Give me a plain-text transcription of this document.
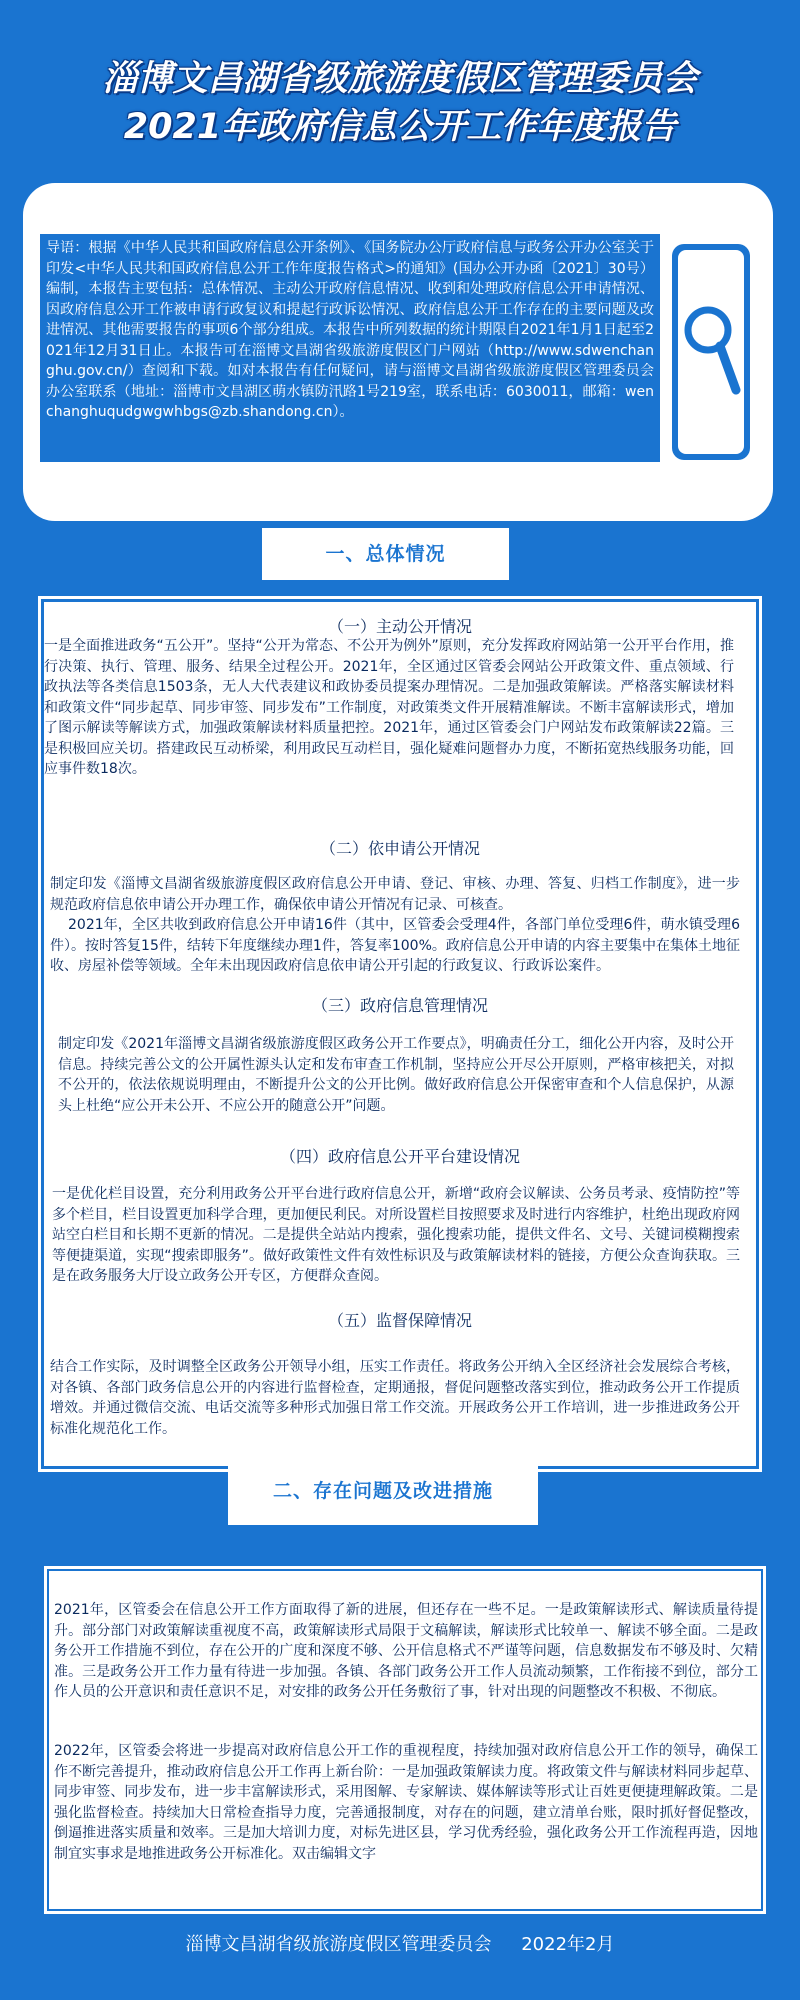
淄博文昌湖省级旅游度假区管理委员会
2021年政府信息公开工作年度报告
导语：根据《中华人民共和国政府信息公开条例》、《国务院办公厅政府信息与政务公开办公室关于印发<中华人民共和国政府信息公开工作年度报告格式>的通知》(国办公开办函〔2021〕30号）编制，本报告主要包括：总体情况、主动公开政府信息情况、收到和处理政府信息公开申请情况、因政府信息公开工作被申请行政复议和提起行政诉讼情况、政府信息公开工作存在的主要问题及改进情况、其他需要报告的事项6个部分组成。本报告中所列数据的统计期限自2021年1月1日起至2021年12月31日止。本报告可在淄博文昌湖省级旅游度假区门户网站（http://www.sdwenchanghu.gov.cn/）查阅和下载。如对本报告有任何疑问，请与淄博文昌湖省级旅游度假区管理委员会办公室联系（地址：淄博市文昌湖区萌水镇防汛路1号219室，联系电话：6030011，邮箱：wenchanghuqudgwgwhbgs@zb.shandong.cn）。
一、总体情况
（一）主动公开情况

一是全面推进政务“五公开”。坚持“公开为常态、不公开为例外”原则，充分发挥政府网站第一公开平台作用，推行决策、执行、管理、服务、结果全过程公开。2021年，全区通过区管委会网站公开政策文件、重点领域、行政执法等各类信息1503条，无人大代表建议和政协委员提案办理情况。二是加强政策解读。严格落实解读材料和政策文件“同步起草、同步审签、同步发布”工作制度，对政策类文件开展精准解读。不断丰富解读形式，增加了图示解读等解读方式，加强政策解读材料质量把控。2021年，通过区管委会门户网站发布政策解读22篇。三是积极回应关切。搭建政民互动桥梁，利用政民互动栏目，强化疑难问题督办力度，不断拓宽热线服务功能，回应事件数18次。

（二）依申请公开情况

制定印发《淄博文昌湖省级旅游度假区政府信息公开申请、登记、审核、办理、答复、归档工作制度》，进一步规范政府信息依申请公开办理工作，确保依申请公开情况有记录、可核查。

2021年，全区共收到政府信息公开申请16件（其中，区管委会受理4件，各部门单位受理6件，萌水镇受理6件）。按时答复15件，结转下年度继续办理1件，答复率100%。政府信息公开申请的内容主要集中在集体土地征收、房屋补偿等领域。全年未出现因政府信息依申请公开引起的行政复议、行政诉讼案件。

（三）政府信息管理情况

制定印发《2021年淄博文昌湖省级旅游度假区政务公开工作要点》，明确责任分工，细化公开内容，及时公开信息。持续完善公文的公开属性源头认定和发布审查工作机制，坚持应公开尽公开原则，严格审核把关，对拟不公开的，依法依规说明理由，不断提升公文的公开比例。做好政府信息公开保密审查和个人信息保护，从源头上杜绝“应公开未公开、不应公开的随意公开”问题。

（四）政府信息公开平台建设情况

一是优化栏目设置，充分利用政务公开平台进行政府信息公开，新增“政府会议解读、公务员考录、疫情防控”等多个栏目，栏目设置更加科学合理，更加便民利民。对所设置栏目按照要求及时进行内容维护，杜绝出现政府网站空白栏目和长期不更新的情况。二是提供全站站内搜索，强化搜索功能，提供文件名、文号、关键词模糊搜索等便捷渠道，实现“搜索即服务”。做好政策性文件有效性标识及与政策解读材料的链接，方便公众查询获取。三是在政务服务大厅设立政务公开专区，方便群众查阅。

（五）监督保障情况

结合工作实际，及时调整全区政务公开领导小组，压实工作责任。将政务公开纳入全区经济社会发展综合考核，对各镇、各部门政务信息公开的内容进行监督检查，定期通报，督促问题整改落实到位，推动政务公开工作提质增效。并通过微信交流、电话交流等多种形式加强日常工作交流。开展政务公开工作培训，进一步推进政务公开标准化规范化工作。

二、存在问题及改进措施

2021年，区管委会在信息公开工作方面取得了新的进展，但还存在一些不足。一是政策解读形式、解读质量待提升。部分部门对政策解读重视度不高，政策解读形式局限于文稿解读，解读形式比较单一、解读不够全面。二是政务公开工作措施不到位，存在公开的广度和深度不够、公开信息格式不严谨等问题，信息数据发布不够及时、欠精准。三是政务公开工作力量有待进一步加强。各镇、各部门政务公开工作人员流动频繁，工作衔接不到位，部分工作人员的公开意识和责任意识不足，对安排的政务公开任务敷衍了事，针对出现的问题整改不积极、不彻底。

2022年，区管委会将进一步提高对政府信息公开工作的重视程度，持续加强对政府信息公开工作的领导，确保工作不断完善提升，推动政府信息公开工作再上新台阶：一是加强政策解读力度。将政策文件与解读材料同步起草、同步审签、同步发布，进一步丰富解读形式，采用图解、专家解读、媒体解读等形式让百姓更便捷理解政策。二是强化监督检查。持续加大日常检查指导力度，完善通报制度，对存在的问题，建立清单台账，限时抓好督促整改，倒逼推进落实质量和效率。三是加大培训力度，对标先进区县，学习优秀经验，强化政务公开工作流程再造，因地制宜实事求是地推进政务公开标准化。双击编辑文字

淄博文昌湖省级旅游度假区管理委员会 2022年2月
